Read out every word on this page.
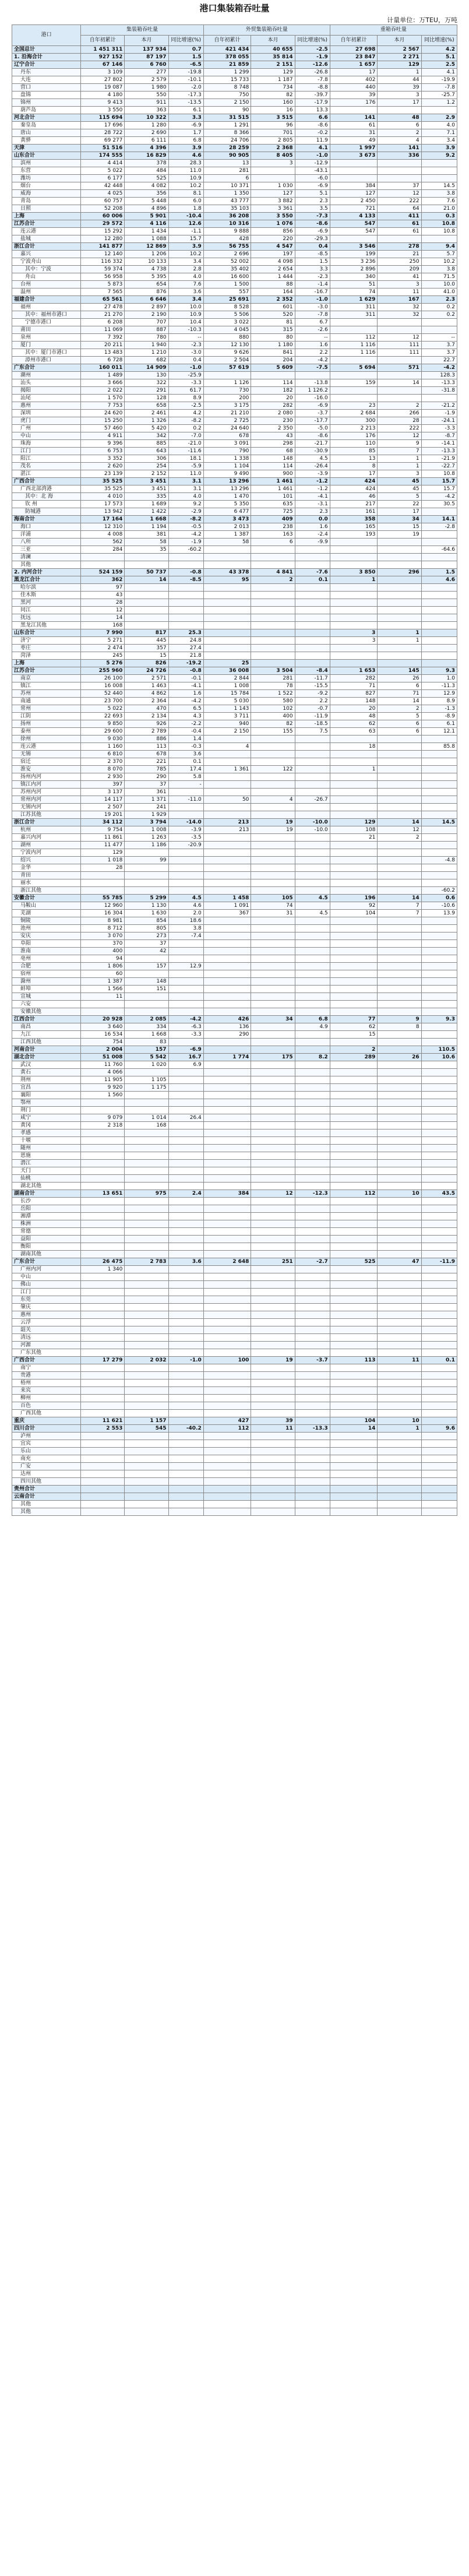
港口集装箱吞吐量
计量单位：万TEU，万吨
港口	集装箱吞吐量			外贸集装箱吞吐量			重箱吞吐量		
	自年初累计	本月	同比增速(%)	自年初累计	本月	同比增速(%)	自年初累计	本月	同比增速(%)
全国总计	1 451 311	137 934	0.7	421 434	40 655	-2.5	27 698	2 567	4.2
1. 沿海合计	927 152	87 197	1.5	378 055	35 814	-1.9	23 847	2 271	5.1
辽宁合计	67 146	6 760	-6.5	21 859	2 151	-12.6	1 657	129	2.5
丹东	3 109	277	-19.8	1 299	129	-26.8	17	1	4.1
大连	27 802	2 579	-10.1	15 733	1 187	-7.8	402	44	-19.9
营口	19 087	1 980	-2.0	8 748	734	-8.8	440	39	-7.8
盘锦	4 180	550	-17.3	750	82	-39.7	39	3	-25.7
锦州	9 413	911	-13.5	2 150	160	-17.9	176	17	1.2
葫芦岛	3 550	363	6.1	90	16	13.3			
河北合计	115 694	10 322	3.3	31 515	3 515	6.6	141	48	2.9
秦皇岛	17 696	1 280	-6.9	1 291	96	-8.6	61	6	4.0
唐山	28 722	2 690	1.7	8 366	701	-0.2	31	2	7.1
黄骅	69 277	6 111	6.8	24 706	2 805	11.9	49	4	3.4
天津	51 516	4 396	3.9	28 259	2 368	4.1	1 997	141	3.9
山东合计	174 555	16 829	4.6	90 905	8 405	-1.0	3 673	336	9.2
滨州	4 414	378	28.3	13	3	-12.9			
东营	5 022	484	11.0	281		-43.1			
潍坊	6 177	525	10.9	6		-6.0			
烟台	42 448	4 082	10.2	10 371	1 030	-6.9	384	37	14.5
威海	4 025	356	8.1	1 350	127	5.1	127	12	3.8
青岛	60 757	5 448	6.0	43 777	3 882	2.3	2 450	222	7.6
日照	52 208	4 896	1.8	35 103	3 361	3.5	721	64	21.0
上海	60 006	5 901	-10.4	36 208	3 550	-7.3	4 133	411	0.3
江苏合计	29 572	4 116	12.6	10 316	1 076	-8.6	547	61	10.8
连云港	15 292	1 434	-1.1	9 888	856	-6.9	547	61	10.8
盐城	12 280	1 088	15.7	428	220	-29.3			
浙江合计	141 877	12 869	3.9	56 755	4 547	0.4	3 546	278	9.4
嘉兴	12 140	1 206	10.2	2 696	197	-8.5	199	21	5.7
宁波舟山	116 332	10 133	3.4	52 002	4 098	1.5	3 236	250	10.2
其中：宁波	59 374	4 738	2.8	35 402	2 654	3.3	2 896	209	3.8
舟山	56 958	5 395	4.0	16 600	1 444	-2.3	340	41	71.5
台州	5 873	654	7.6	1 500	88	-1.4	51	3	10.0
温州	7 565	876	3.6	557	164	-16.7	74	11	41.0
福建合计	65 561	6 646	3.4	25 691	2 352	-1.0	1 629	167	2.3
福州	27 478	2 897	10.0	8 528	601	-3.0	311	32	0.2
其中：福州市港口	21 270	2 190	10.9	5 506	520	-7.8	311	32	0.2
宁德市港口	6 208	707	10.4	3 022	81	6.7			
莆田	11 069	887	-10.3	4 045	315	-2.6			
泉州	7 392	780	--	880	80	--	112	12	--
厦门	20 211	1 940	-2.3	12 130	1 180	1.6	1 116	111	3.7
其中：厦门市港口	13 483	1 210	-3.0	9 626	841	2.2	1 116	111	3.7
漳州市港口	6 728	682	0.4	2 504	204	-4.2			22.7
广东合计	160 011	14 909	-1.0	57 619	5 609	-7.5	5 694	571	-4.2
潮州	1 489	130	-25.9						128.3
汕头	3 666	322	-3.3	1 126	114	-13.8	159	14	-13.3
揭阳	2 022	291	61.7	730	182	1 126.2			-31.8
汕尾	1 570	128	8.9	200	20	-16.0			
惠州	7 753	658	-2.5	3 175	282	-6.9	23	2	-21.2
深圳	24 620	2 461	4.2	21 210	2 080	-3.7	2 684	266	-1.9
虎门	15 250	1 326	-8.2	2 725	230	-17.7	300	28	-24.1
广州	57 460	5 420	0.2	24 640	2 350	-5.0	2 213	222	-3.3
中山	4 911	342	-7.0	678	43	-8.6	176	12	-8.7
珠海	9 396	885	-21.0	3 091	298	-21.7	110	9	-14.1
江门	6 753	643	-11.6	790	68	-30.9	85	7	-13.3
阳江	3 352	306	18.1	1 338	148	4.5	13	1	-21.9
茂名	2 620	254	-5.9	1 104	114	-26.4	8	1	-22.7
湛江	23 139	2 152	11.0	9 490	900	-3.9	17	3	10.8
广西合计	35 525	3 451	3.1	13 296	1 461	-1.2	424	45	15.7
广西北部湾港	35 525	3 451	3.1	13 296	1 461	-1.2	424	45	15.7
其中：北 海	4 010	335	4.0	1 470	101	-4.1	46	5	-4.2
钦 州	17 573	1 689	9.2	5 350	635	-3.1	217	22	30.5
防城港	13 942	1 422	-2.9	6 477	725	2.3	161	17	
海南合计	17 164	1 668	-8.2	3 473	409	0.0	358	34	14.1
海口	12 310	1 194	-0.5	2 013	238	1.6	165	15	-2.8
洋浦	4 008	381	-4.2	1 387	163	-2.4	193	19	
八所	562	58	-1.9	58	6	-9.9			
三亚	284	35	-60.2						-64.6
清澜									
其他									
2. 内河合计	524 159	50 737	-0.8	43 378	4 841	-7.6	3 850	296	1.5
黑龙江合计	362	14	-8.5	95	2	0.1	1		4.6
哈尔滨	97								
佳木斯	43								
黑河	28								
同江	12								
抚远	14								
黑龙江其他	168								
山东合计	7 990	817	25.3				3	1	
济宁	5 271	445	24.8				3	1	
枣庄	2 474	357	27.4						
菏泽	245	15	21.8						
上海	5 276	826	-19.2	25					
江苏合计	255 960	24 726	-0.8	36 008	3 504	-8.4	1 653	145	9.3
南京	26 100	2 571	-0.1	2 844	281	-11.7	282	26	1.0
镇江	16 008	1 463	-4.1	1 008	78	-15.5	71	6	-11.3
苏州	52 440	4 862	1.6	15 784	1 522	-9.2	827	71	12.9
南通	23 700	2 364	-4.2	5 030	580	2.2	148	14	8.9
常州	5 022	470	6.5	1 143	102	-0.7	20	2	-1.3
江阴	22 693	2 134	4.3	3 711	400	-11.9	48	5	-8.9
扬州	9 850	926	-2.2	940	82	-18.5	62	6	6.1
泰州	29 600	2 789	-0.4	2 150	155	7.5	63	6	12.1
徐州	9 030	886	1.4						
连云港	1 160	113	-0.3	4			18		85.8
无锡	6 810	678	3.6						
宿迁	2 370	221	0.1						
淮安	8 070	785	17.4	1 361	122		1		
扬州内河	2 930	290	5.8						
镇江内河	397	37	-						
苏州内河	3 137	361							
常州内河	14 117	1 371	-11.0	50	4	-26.7			
无锡内河	2 507	241							
江苏其他	19 201	1 929							
浙江合计	34 112	3 794	-14.0	213	19	-10.0	129	14	14.5
杭州	9 754	1 008	-3.9	213	19	-10.0	108	12	
嘉兴内河	11 861	1 263	-3.5				21	2	
湖州	11 477	1 186	-20.9						
宁波内河	129								
绍兴	1 018	99							-4.8
金华	28								
青田									
丽水									
浙江其他									-60.2
安徽合计	55 785	5 299	4.5	1 458	105	4.5	196	14	0.6
马鞍山	12 960	1 130	4.6	1 091	74		92	7	-10.6
芜湖	16 304	1 630	2.0	367	31	4.5	104	7	13.9
铜陵	8 981	854	18.6						
池州	8 712	805	3.8						
安庆	3 070	273	-7.4						
阜阳	370	37							
淮南	400	42							
亳州	94								
合肥	1 806	157	12.9						
宿州	60								
滁州	1 387	148							
蚌埠	1 566	151							
宣城	11								
六安									
安徽其他									
江西合计	20 928	2 085	-4.2	426	34	6.8	77	9	9.3
南昌	3 640	334	-6.3	136		4.9	62	8	
九江	16 534	1 668	-3.3	290			15		
江西其他	754	83							
河南合计	2 004	157	-6.9				2		110.5
湖北合计	51 008	5 542	16.7	1 774	175	8.2	289	26	10.6
武汉	11 760	1 020	6.9						
黄石	4 066								
荆州	11 905	1 105							
宜昌	9 920	1 175							
襄阳	1 560								
鄂州									
荆门									
咸宁	9 079	1 014	26.4						
黄冈	2 318	168							
孝感									
十堰									
随州									
恩施									
潜江									
天门									
仙桃									
湖北其他									
湖南合计	13 651	975	2.4	384	12	-12.3	112	10	43.5
长沙									
岳阳									
湘潭									
株洲									
常德									
益阳									
衡阳									
湖南其他									
广东合计	26 475	2 783	3.6	2 648	251	-2.7	525	47	-11.9
广州内河	1 340								
中山									
佛山									
江门									
东莞									
肇庆									
惠州									
云浮									
韶关									
清远									
河源									
广东其他									
广西合计	17 279	2 032	-1.0	100	19	-3.7	113	11	0.1
南宁									
贵港									
梧州									
来宾									
柳州									
百色									
广西其他									
重庆	11 621	1 157		427	39		104	10	
四川合计	2 553	545	-40.2	112	11	-13.3	14	1	9.6
泸州									
宜宾									
乐山									
南充									
广安									
达州									
四川其他									
贵州合计									
云南合计									
其他									
其他									
